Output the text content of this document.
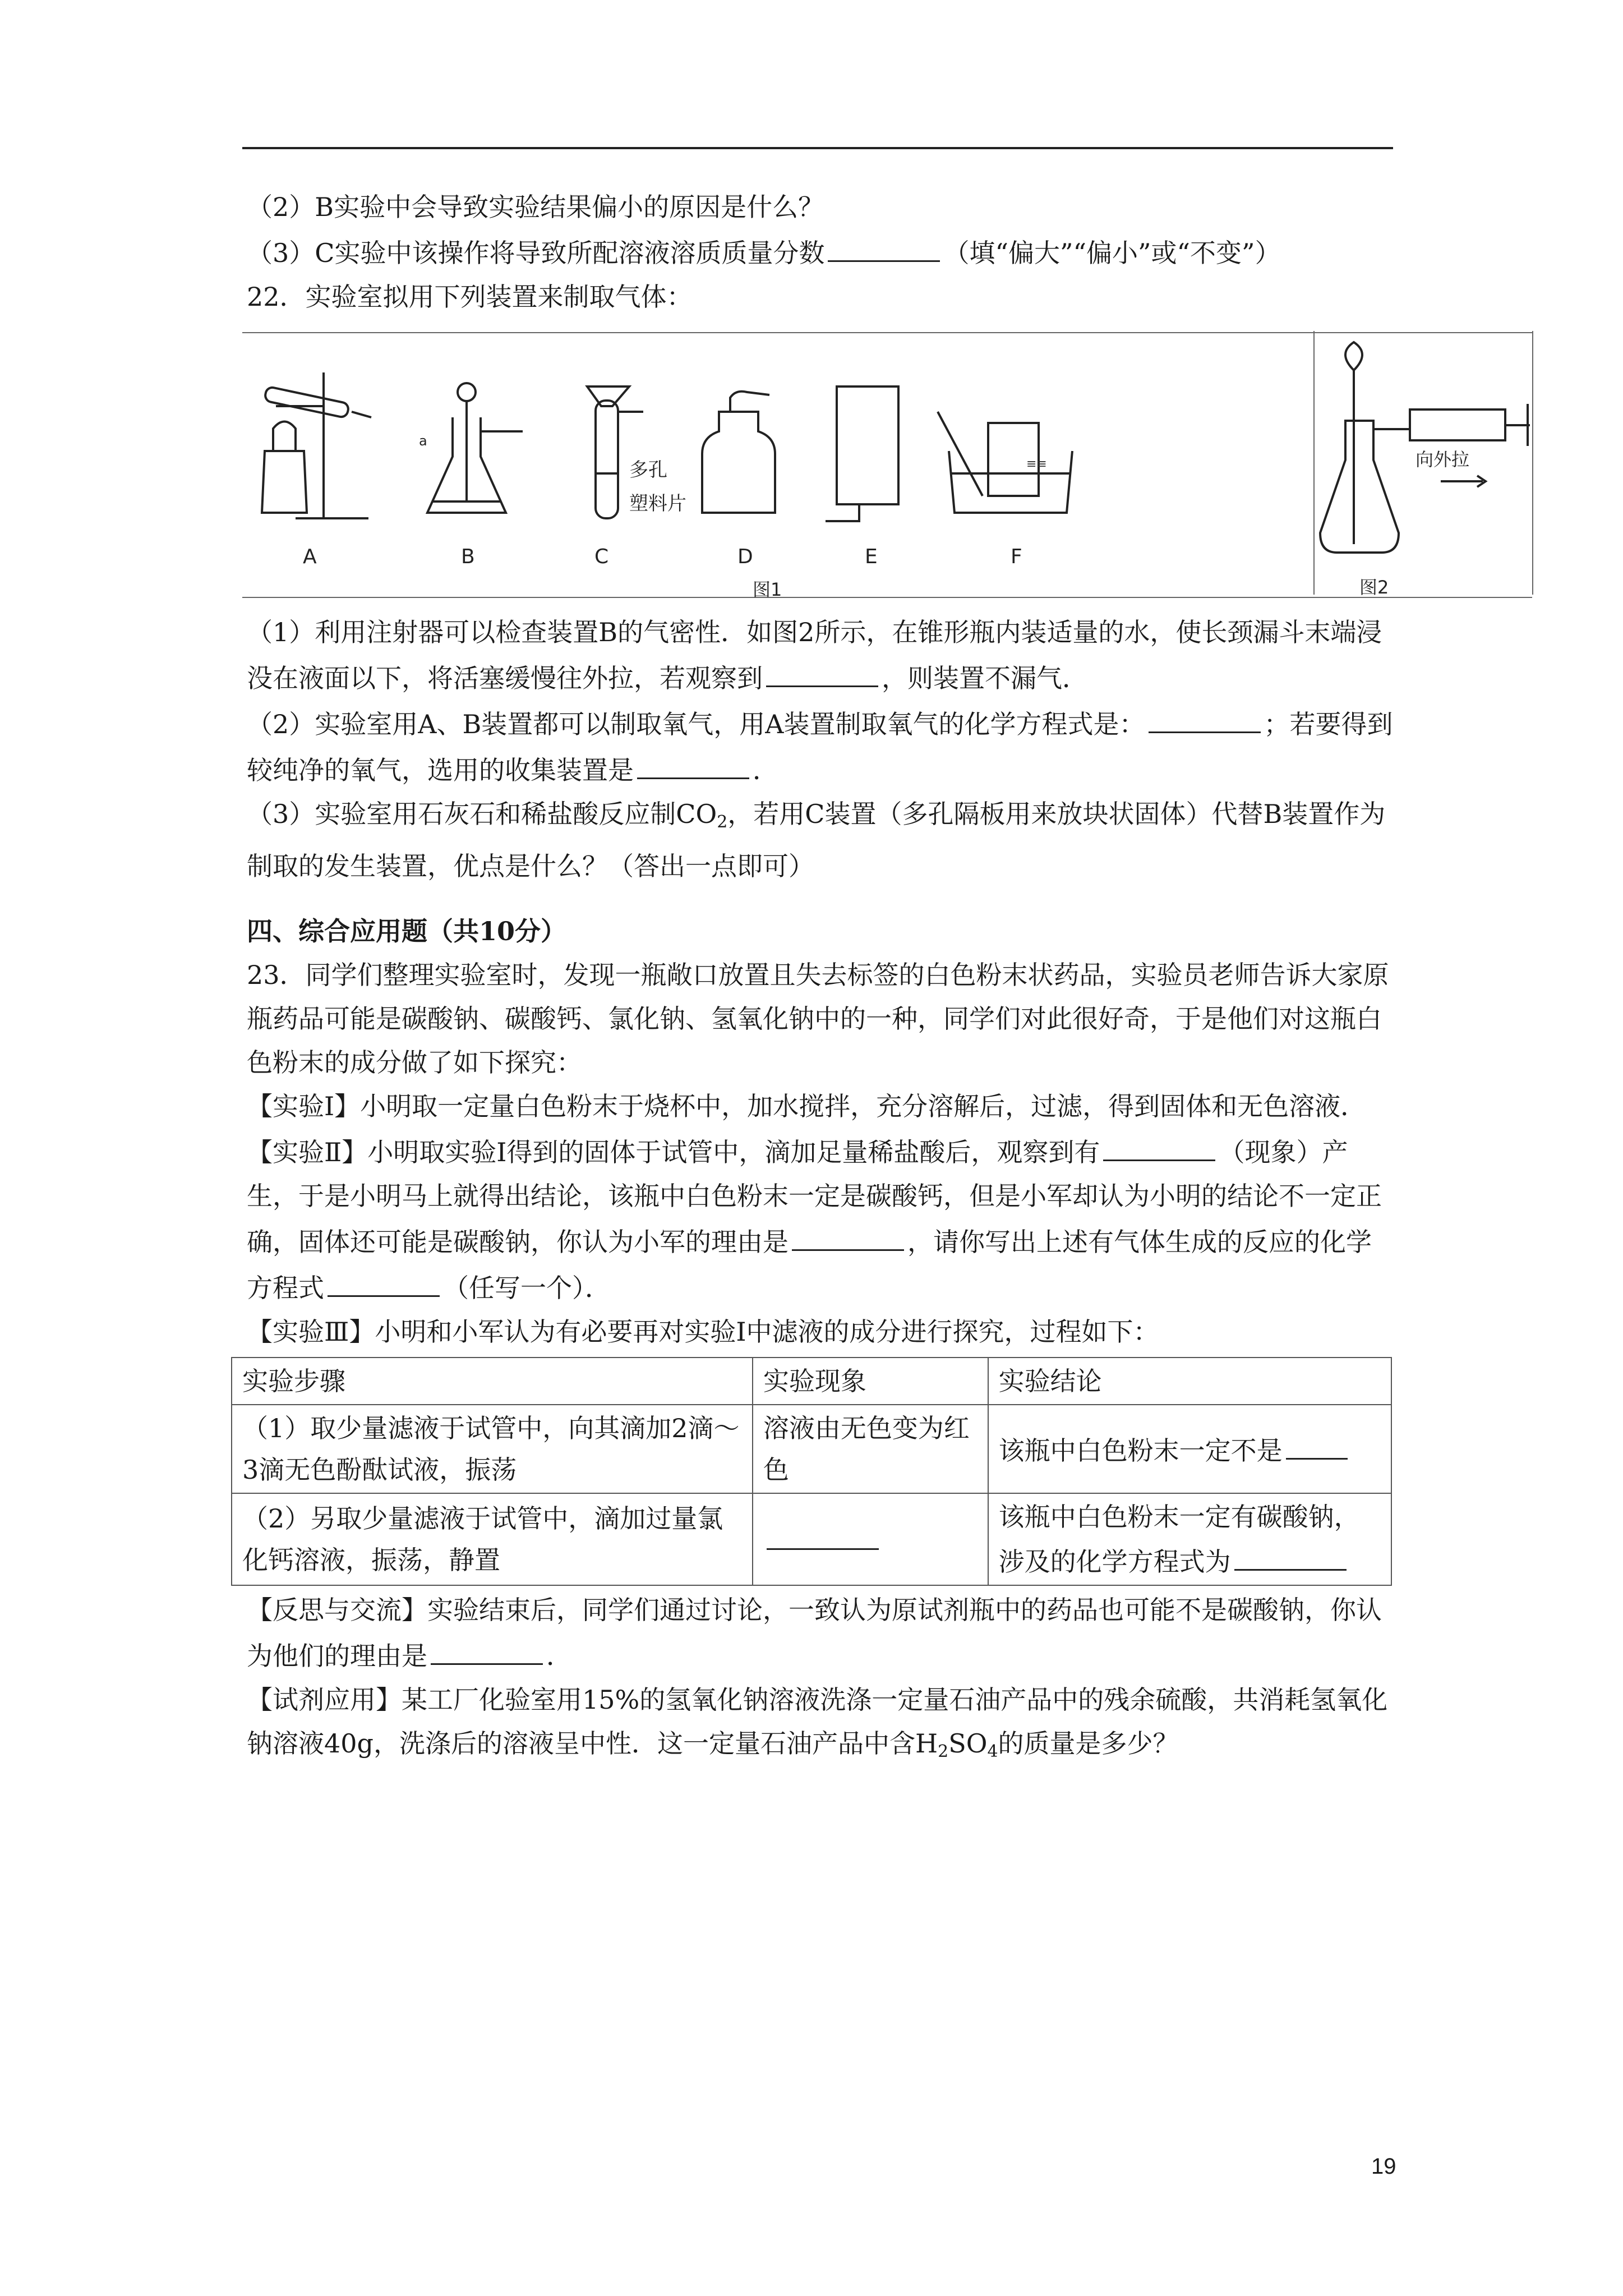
（2）B实验中会导致实验结果偏小的原因是什么？

（3）C实验中该操作将导致所配溶液溶质质量分数	（填“偏大”“偏小”或“不变”）

22．实验室拟用下列装置来制取气体：

≡≡
a
多孔
塑料片
A	B	C	D	E	F
图1
向外拉
图2

（1）利用注射器可以检查装置B的气密性．如图2所示，在锥形瓶内装适量的水，使长颈漏斗末端浸没在液面以下，将活塞缓慢往外拉，若观察到	，则装置不漏气．

（2）实验室用A、B装置都可以制取氧气，用A装置制取氧气的化学方程式是：	；若要得到较纯净的氧气，选用的收集装置是	．

（3）实验室用石灰石和稀盐酸反应制$CO_2$，若用C装置（多孔隔板用来放块状固体）代替B装置作为制取的发生装置，优点是什么？（答出一点即可）

四、综合应用题（共10分）

23．同学们整理实验室时，发现一瓶敞口放置且失去标签的白色粉末状药品，实验员老师告诉大家原瓶药品可能是碳酸钠、碳酸钙、氯化钠、氢氧化钠中的一种，同学们对此很好奇，于是他们对这瓶白色粉末的成分做了如下探究：

【实验Ⅰ】小明取一定量白色粉末于烧杯中，加水搅拌，充分溶解后，过滤，得到固体和无色溶液．

【实验Ⅱ】小明取实验Ⅰ得到的固体于试管中，滴加足量稀盐酸后，观察到有	（现象）产生，于是小明马上就得出结论，该瓶中白色粉末一定是碳酸钙，但是小军却认为小明的结论不一定正确，固体还可能是碳酸钠，你认为小军的理由是	，请你写出上述有气体生成的反应的化学方程式	（任写一个）．

【实验Ⅲ】小明和小军认为有必要再对实验Ⅰ中滤液的成分进行探究，过程如下：

实验步骤	实验现象	实验结论
（1）取少量滤液于试管中，向其滴加2滴～3滴无色酚酞试液，振荡	溶液由无色变为红色	该瓶中白色粉末一定不是
（2）另取少量滤液于试管中，滴加过量氯化钙溶液，振荡，静置		该瓶中白色粉末一定有碳酸钠，
涉及的化学方程式为

【反思与交流】实验结束后，同学们通过讨论，一致认为原试剂瓶中的药品也可能不是碳酸钠，你认为他们的理由是	．

【试剂应用】某工厂化验室用15%的氢氧化钠溶液洗涤一定量石油产品中的残余硫酸，共消耗氢氧化钠溶液40g，洗涤后的溶液呈中性．这一定量石油产品中含$H_2SO_4$的质量是多少？

19
